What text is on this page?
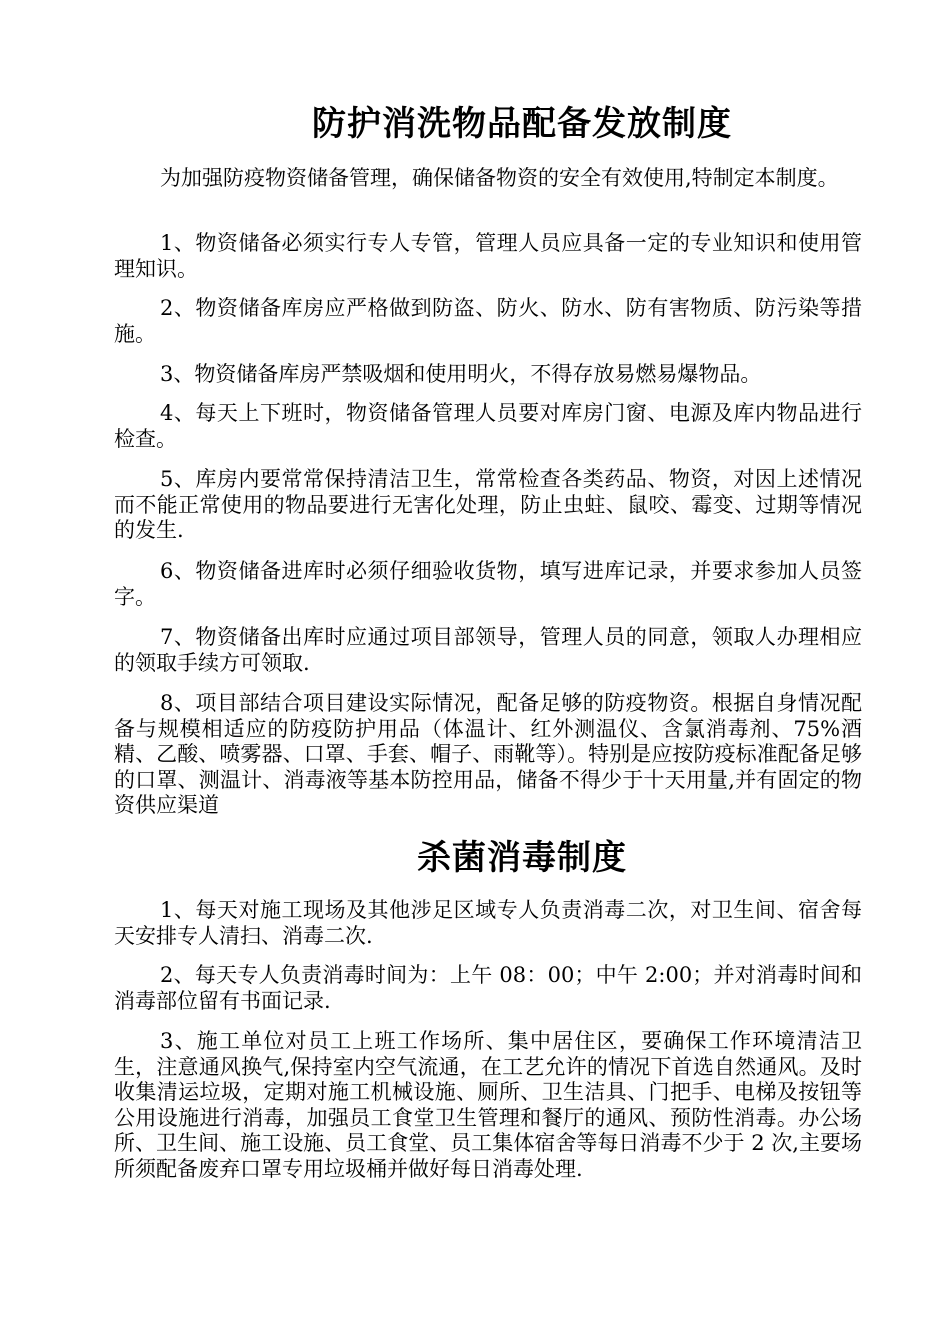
防护消洗物品配备发放制度

为加强防疫物资储备管理，确保储备物资的安全有效使用,特制定本制度。

1、物资储备必须实行专人专管，管理人员应具备一定的专业知识和使用管理知识。

2、物资储备库房应严格做到防盗、防火、防水、防有害物质、防污染等措施。

3、物资储备库房严禁吸烟和使用明火，不得存放易燃易爆物品。

4、每天上下班时，物资储备管理人员要对库房门窗、电源及库内物品进行检查。

5、库房内要常常保持清洁卫生，常常检查各类药品、物资，对因上述情况而不能正常使用的物品要进行无害化处理，防止虫蛀、鼠咬、霉变、过期等情况的发生.

6、物资储备进库时必须仔细验收货物，填写进库记录，并要求参加人员签字。

7、物资储备出库时应通过项目部领导，管理人员的同意，领取人办理相应的领取手续方可领取.

8、项目部结合项目建设实际情况，配备足够的防疫物资。根据自身情况配备与规模相适应的防疫防护用品（体温计、红外测温仪、含氯消毒剂、75%酒精、乙酸、喷雾器、口罩、手套、帽子、雨靴等）。特别是应按防疫标准配备足够的口罩、测温计、消毒液等基本防控用品，储备不得少于十天用量,并有固定的物资供应渠道

杀菌消毒制度

1、每天对施工现场及其他涉足区域专人负责消毒二次，对卫生间、宿舍每天安排专人清扫、消毒二次.

2、每天专人负责消毒时间为：上午 08：00；中午 2:00；并对消毒时间和消毒部位留有书面记录.

3、施工单位对员工上班工作场所、集中居住区，要确保工作环境清洁卫生，注意通风换气,保持室内空气流通，在工艺允许的情况下首选自然通风。及时收集清运垃圾，定期对施工机械设施、厕所、卫生洁具、门把手、电梯及按钮等公用设施进行消毒，加强员工食堂卫生管理和餐厅的通风、预防性消毒。办公场所、卫生间、施工设施、员工食堂、员工集体宿舍等每日消毒不少于 2 次,主要场所须配备废弃口罩专用垃圾桶并做好每日消毒处理.
